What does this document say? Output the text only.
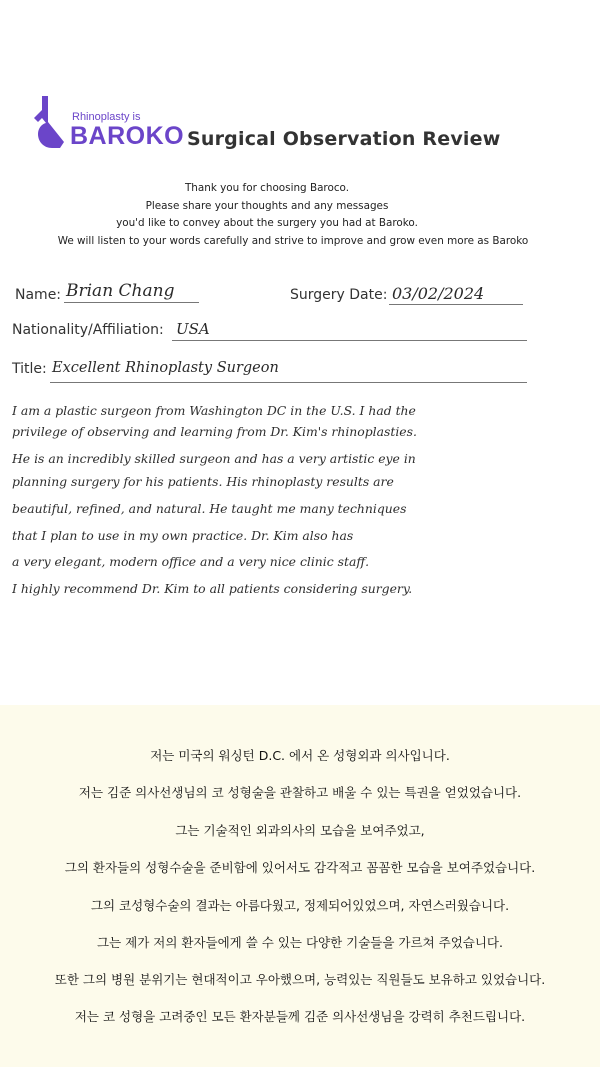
Rhinoplasty is
BAROKO Surgical Observation Review
Thank you for choosing Baroco.
Please share your thoughts and any messages
you'd like to convey about the surgery you had at Baroko.
We will listen to your words carefully and strive to improve and grow even more as Baroko
Name: Brian Chang	Surgery Date: 03/02/2024
Nationality/Affiliation: USA
Title: Excellent Rhinoplasty Surgeon
I am a plastic surgeon from Washington DC in the U.S. I had the
privilege of observing and learning from Dr. Kim's rhinoplasties.
He is an incredibly skilled surgeon and has a very artistic eye in
planning surgery for his patients. His rhinoplasty results are
beautiful, refined, and natural. He taught me many techniques
that I plan to use in my own practice. Dr. Kim also has
a very elegant, modern office and a very nice clinic staff.
I highly recommend Dr. Kim to all patients considering surgery.
저는 미국의 워싱턴 D.C. 에서 온 성형외과 의사입니다.
저는 김준 의사선생님의 코 성형술을 관찰하고 배울 수 있는 특권을 얻었었습니다.
그는 기술적인 외과의사의 모습을 보여주었고,
그의 환자들의 성형수술을 준비함에 있어서도 감각적고 꼼꼼한 모습을 보여주었습니다.
그의 코성형수술의 결과는 아름다웠고, 정제되어있었으며, 자연스러웠습니다.
그는 제가 저의 환자들에게 쓸 수 있는 다양한 기술들을 가르쳐 주었습니다.
또한 그의 병원 분위기는 현대적이고 우아했으며, 능력있는 직원들도 보유하고 있었습니다.
저는 코 성형을 고려중인 모든 환자분들께 김준 의사선생님을 강력히 추천드립니다.
